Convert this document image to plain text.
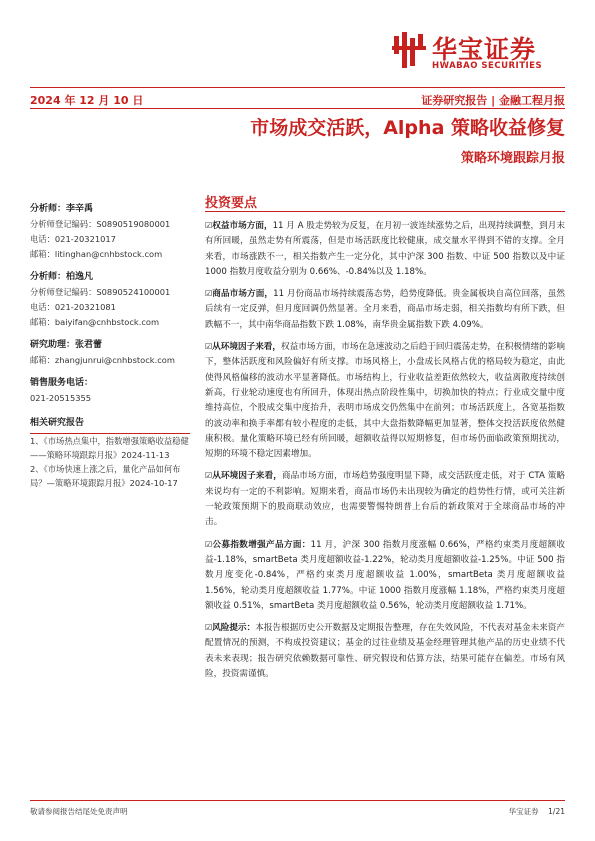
华宝证券
HWABAO SECURITIES
2024 年 12 月 10 日	证券研究报告 | 金融工程月报
市场成交活跃，Alpha 策略收益修复
策略环境跟踪月报
分析师：李辛禹
分析师登记编码：S0890519080001
电话：021-20321017
邮箱：litinghan@cnhbstock.com
分析师：柏逸凡
分析师登记编码：S0890524100001
电话：021-20321081
邮箱：baiyifan@cnhbstock.com
研究助理：张君蕾
邮箱：zhangjunrui@cnhbstock.com
销售服务电话：
021-20515355
相关研究报告
1、《市场热点集中，指数增强策略收益稳健——策略环境跟踪月报》2024-11-13
2、《市场快速上涨之后，量化产品如何布局？—策略环境跟踪月报》2024-10-17
投资要点

☑权益市场方面，11 月 A 股走势较为反复，在月初一波连续涨势之后，出现持续调整，到月末有所回暖，虽然走势有所震荡，但是市场活跃度比较健康，成交量水平得到不错的支撑。全月来看，市场涨跌不一，相关指数产生一定分化，其中沪深 300 指数、中证 500 指数以及中证 1000 指数月度收益分别为 0.66%、-0.84%以及 1.18%。

☑商品市场方面，11 月份商品市场持续震荡态势，趋势度降低。贵金属板块自高位回落，虽然后续有一定反弹，但月度回调仍然显著。全月来看，商品市场走弱，相关指数均有所下跌，但跌幅不一，其中南华商品指数下跌 1.08%，南华贵金属指数下跌 4.09%。

☑从环境因子来看，权益市场方面，市场在急速波动之后趋于回归震荡走势，在积极情绪的影响下，整体活跃度和风险偏好有所支撑。市场风格上，小盘成长风格占优的格局较为稳定，由此使得风格偏移的波动水平显著降低。市场结构上，行业收益差距依然较大，收益离散度持续创新高，行业轮动速度也有所回升，体现出热点阶段性集中，切换加快的特点；行业成交量中度维持高位，个股成交集中度抬升，表明市场成交仍然集中在前列；市场活跃度上，各宽基指数的波动率和换手率都有较小程度的走低，其中大盘指数降幅更加显著，整体交投活跃度依然健康积极。量化策略环境已经有所回暖，超额收益得以短期修复，但市场仍面临政策预期扰动，短期的环境不稳定因素增加。

☑从环境因子来看，商品市场方面，市场趋势强度明显下降，成交活跃度走低，对于 CTA 策略来说均有一定的不利影响。短期来看，商品市场仍未出现较为确定的趋势性行情，或可关注新一轮政策预期下的股商联动效应，也需要警惕特朗普上台后的新政策对于全球商品市场的冲击。

☑公募指数增强产品方面：11 月，沪深 300 指数月度涨幅 0.66%，严格约束类月度超额收益-1.18%，smartBeta 类月度超额收益-1.22%，轮动类月度超额收益-1.25%。中证 500 指数月度变化-0.84%，严格约束类月度超额收益 1.00%，smartBeta 类月度超额收益 1.56%，轮动类月度超额收益 1.77%。中证 1000 指数月度涨幅 1.18%，严格约束类月度超额收益 0.51%，smartBeta 类月度超额收益 0.56%，轮动类月度超额收益 1.71%。

☑风险提示：本报告根据历史公开数据及定期报告整理，存在失效风险，不代表对基金未来资产配置情况的预测，不构成投资建议；基金的过往业绩及基金经理管理其他产品的历史业绩不代表未来表现；报告研究依赖数据可靠性、研究假设和估算方法，结果可能存在偏差。市场有风险，投资需谨慎。

敬请参阅报告结尾处免责声明	华宝证券 1/21
